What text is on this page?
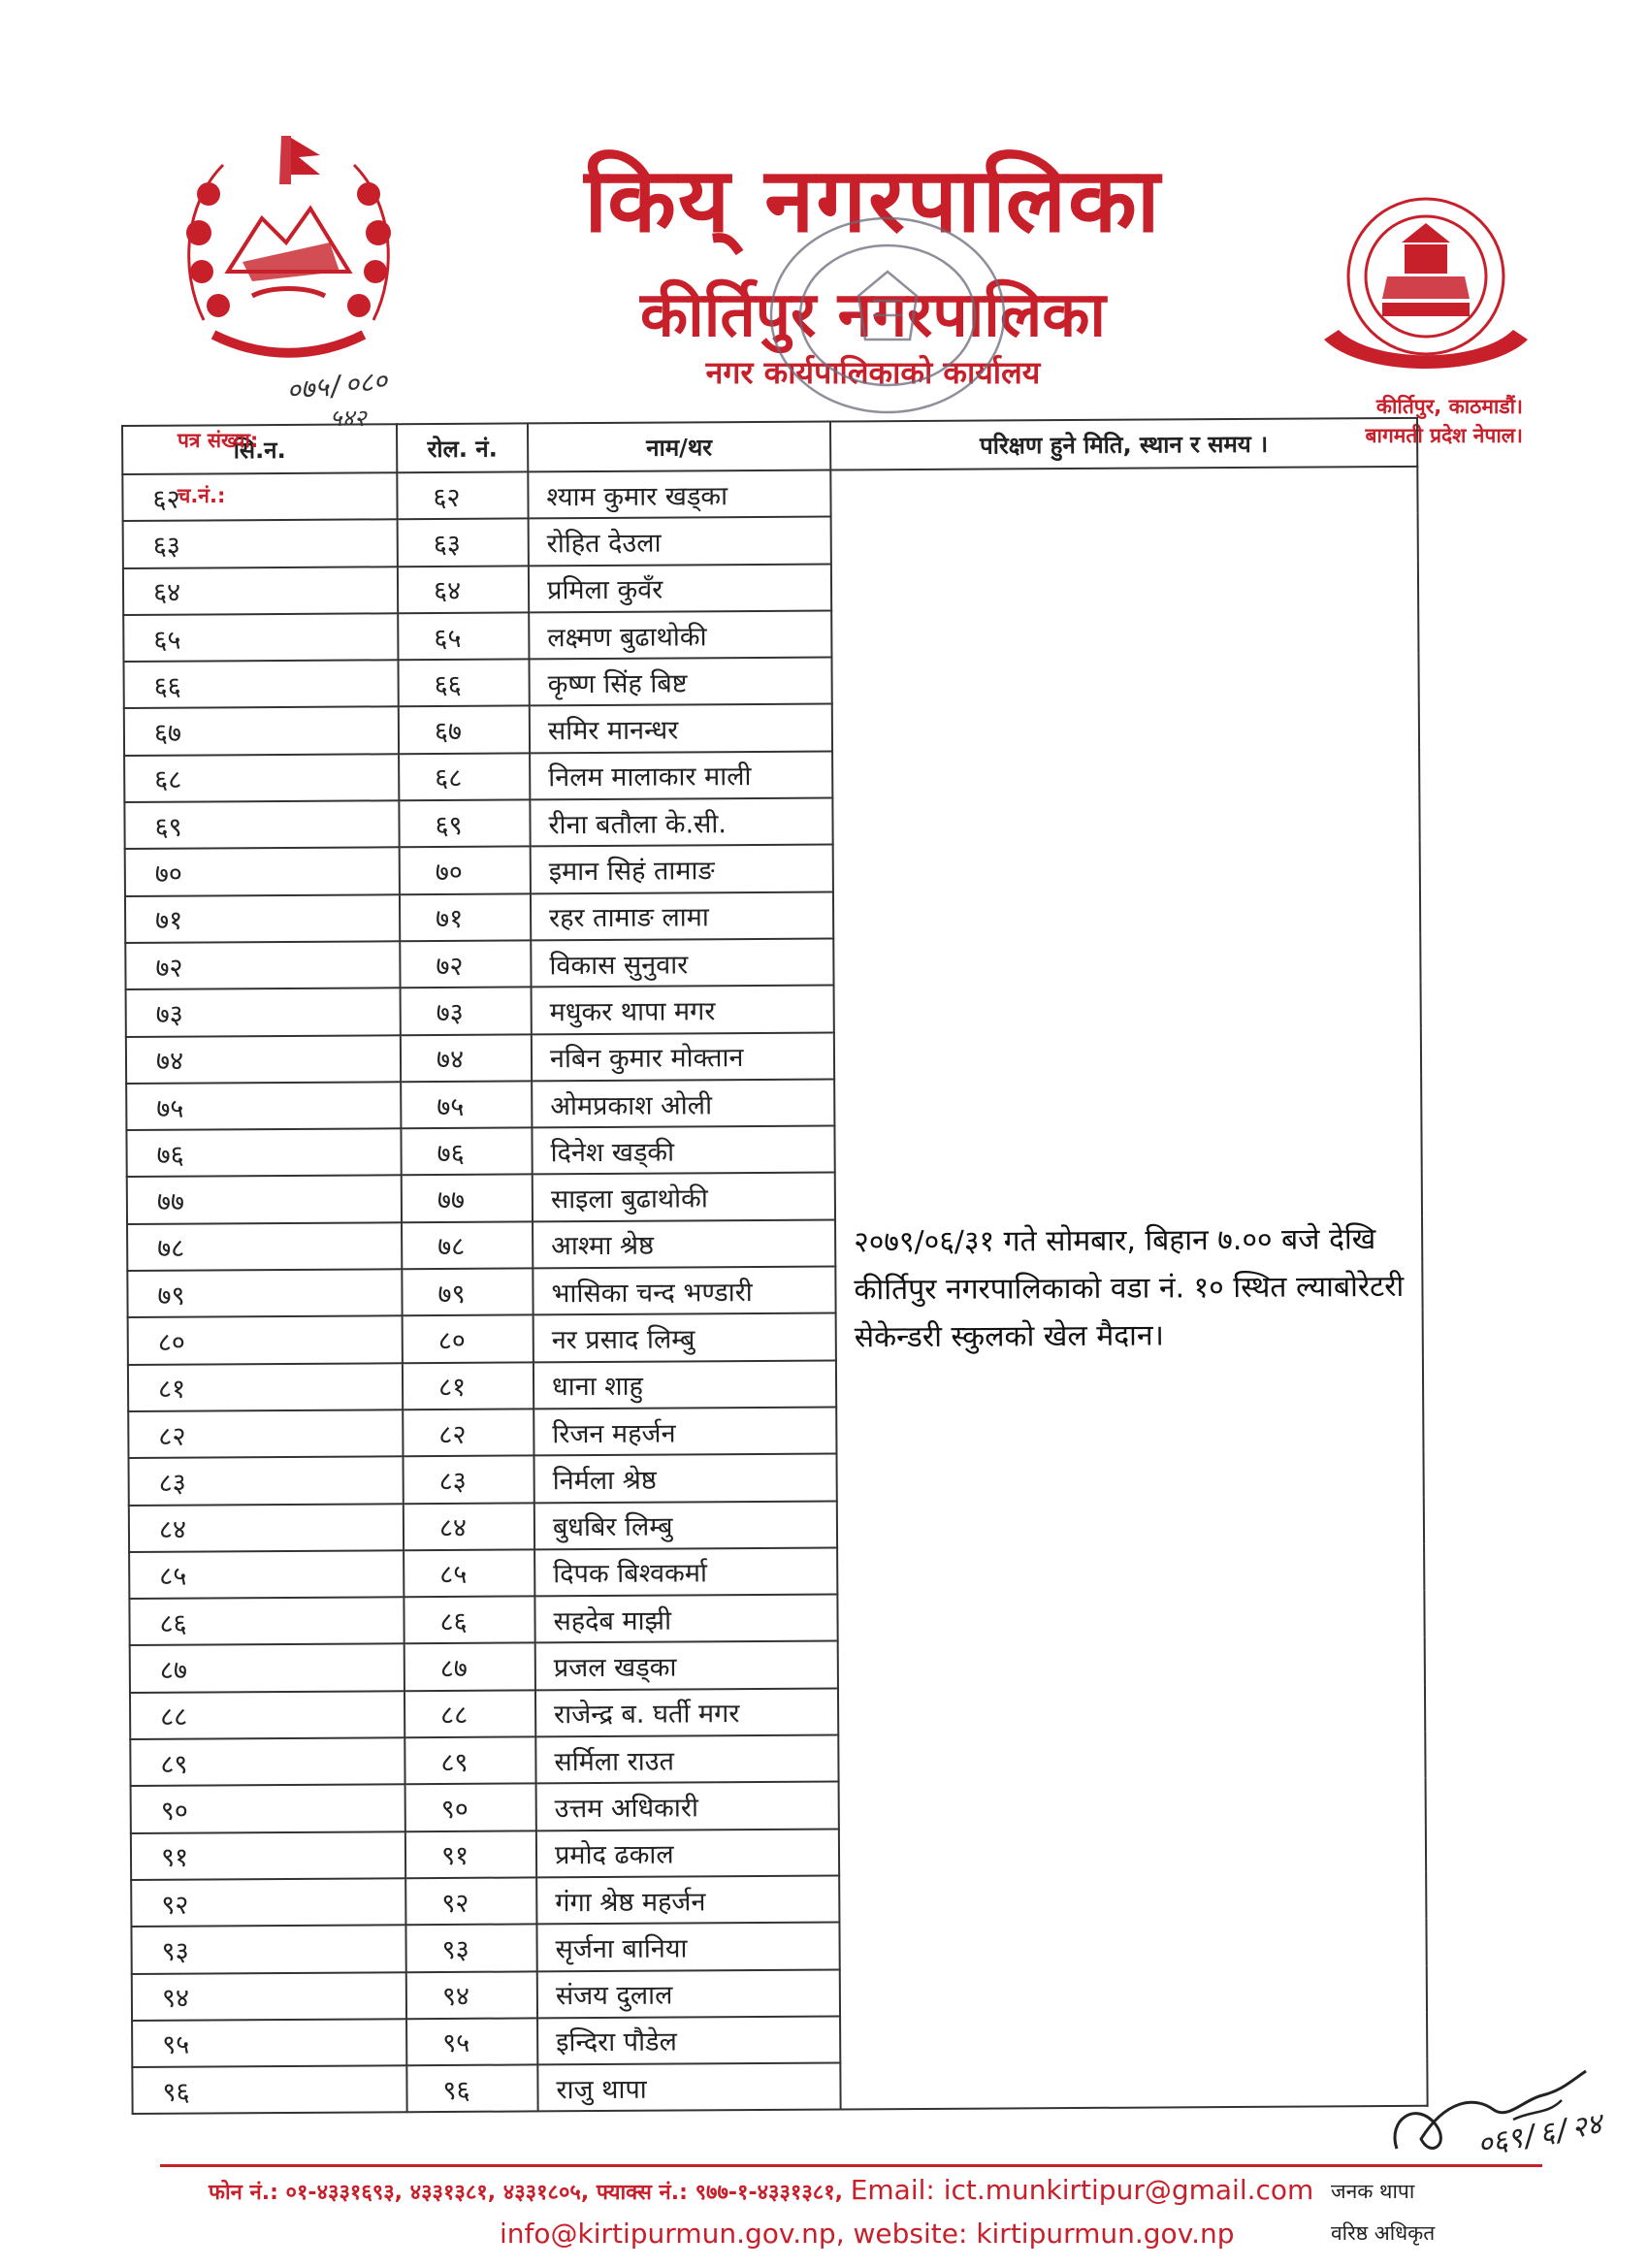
किय् नगरपालिका
कीर्तिपुर नगरपालिका
नगर कार्यपालिकाको कार्यालय
कीर्तिपुर, काठमाडौं।
बागमती प्रदेश नेपाल।
०७५/०८०
५४२
पत्र संख्या:
च.नं.:
सि.न.	रोल. नं.	नाम/थर	परिक्षण हुने मिति, स्थान र समय ।
६२	६२	श्याम कुमार खड्का	२०७९/०६/३१ गते सोमबार, बिहान ७.०० बजे देखि कीर्तिपुर नगरपालिकाको वडा नं. १० स्थित ल्याबोरेटरी सेकेन्डरी स्कुलको खेल मैदान।
६३	६३	रोहित देउला	
६४	६४	प्रमिला कुवँर	
६५	६५	लक्ष्मण बुढाथोकी	
६६	६६	कृष्ण सिंह बिष्ट	
६७	६७	समिर मानन्धर	
६८	६८	निलम मालाकार माली	
६९	६९	रीना बतौला के.सी.	
७०	७०	इमान सिहं तामाङ	
७१	७१	रहर तामाङ लामा	
७२	७२	विकास सुनुवार	
७३	७३	मधुकर थापा मगर	
७४	७४	नबिन कुमार मोक्तान	
७५	७५	ओमप्रकाश ओली	
७६	७६	दिनेश खड्की	
७७	७७	साइला बुढाथोकी	
७८	७८	आश्मा श्रेष्ठ	
७९	७९	भासिका चन्द भण्डारी	
८०	८०	नर प्रसाद लिम्बु	
८१	८१	धाना शाहु	
८२	८२	रिजन महर्जन	
८३	८३	निर्मला श्रेष्ठ	
८४	८४	बुधबिर लिम्बु	
८५	८५	दिपक बिश्वकर्मा	
८६	८६	सहदेब माझी	
८७	८७	प्रजल खड्का	
८८	८८	राजेन्द्र ब. घर्ती मगर	
८९	८९	सर्मिला राउत	
९०	९०	उत्तम अधिकारी	
९१	९१	प्रमोद ढकाल	
९२	९२	गंगा श्रेष्ठ महर्जन	
९३	९३	सृर्जना बानिया	
९४	९४	संजय दुलाल	
९५	९५	इन्दिरा पौडेल	
९६	९६	राजु थापा	
०६९/६/२४
जनक थापा
वरिष्ठ अधिकृत
फोन नं.: ०१-४३३१६९३, ४३३१३८१, ४३३१८०५, फ्याक्स नं.: ९७७-१-४३३१३८१, Email: ict.munkirtipur@gmail.com
info@kirtipurmun.gov.np, website: kirtipurmun.gov.np
